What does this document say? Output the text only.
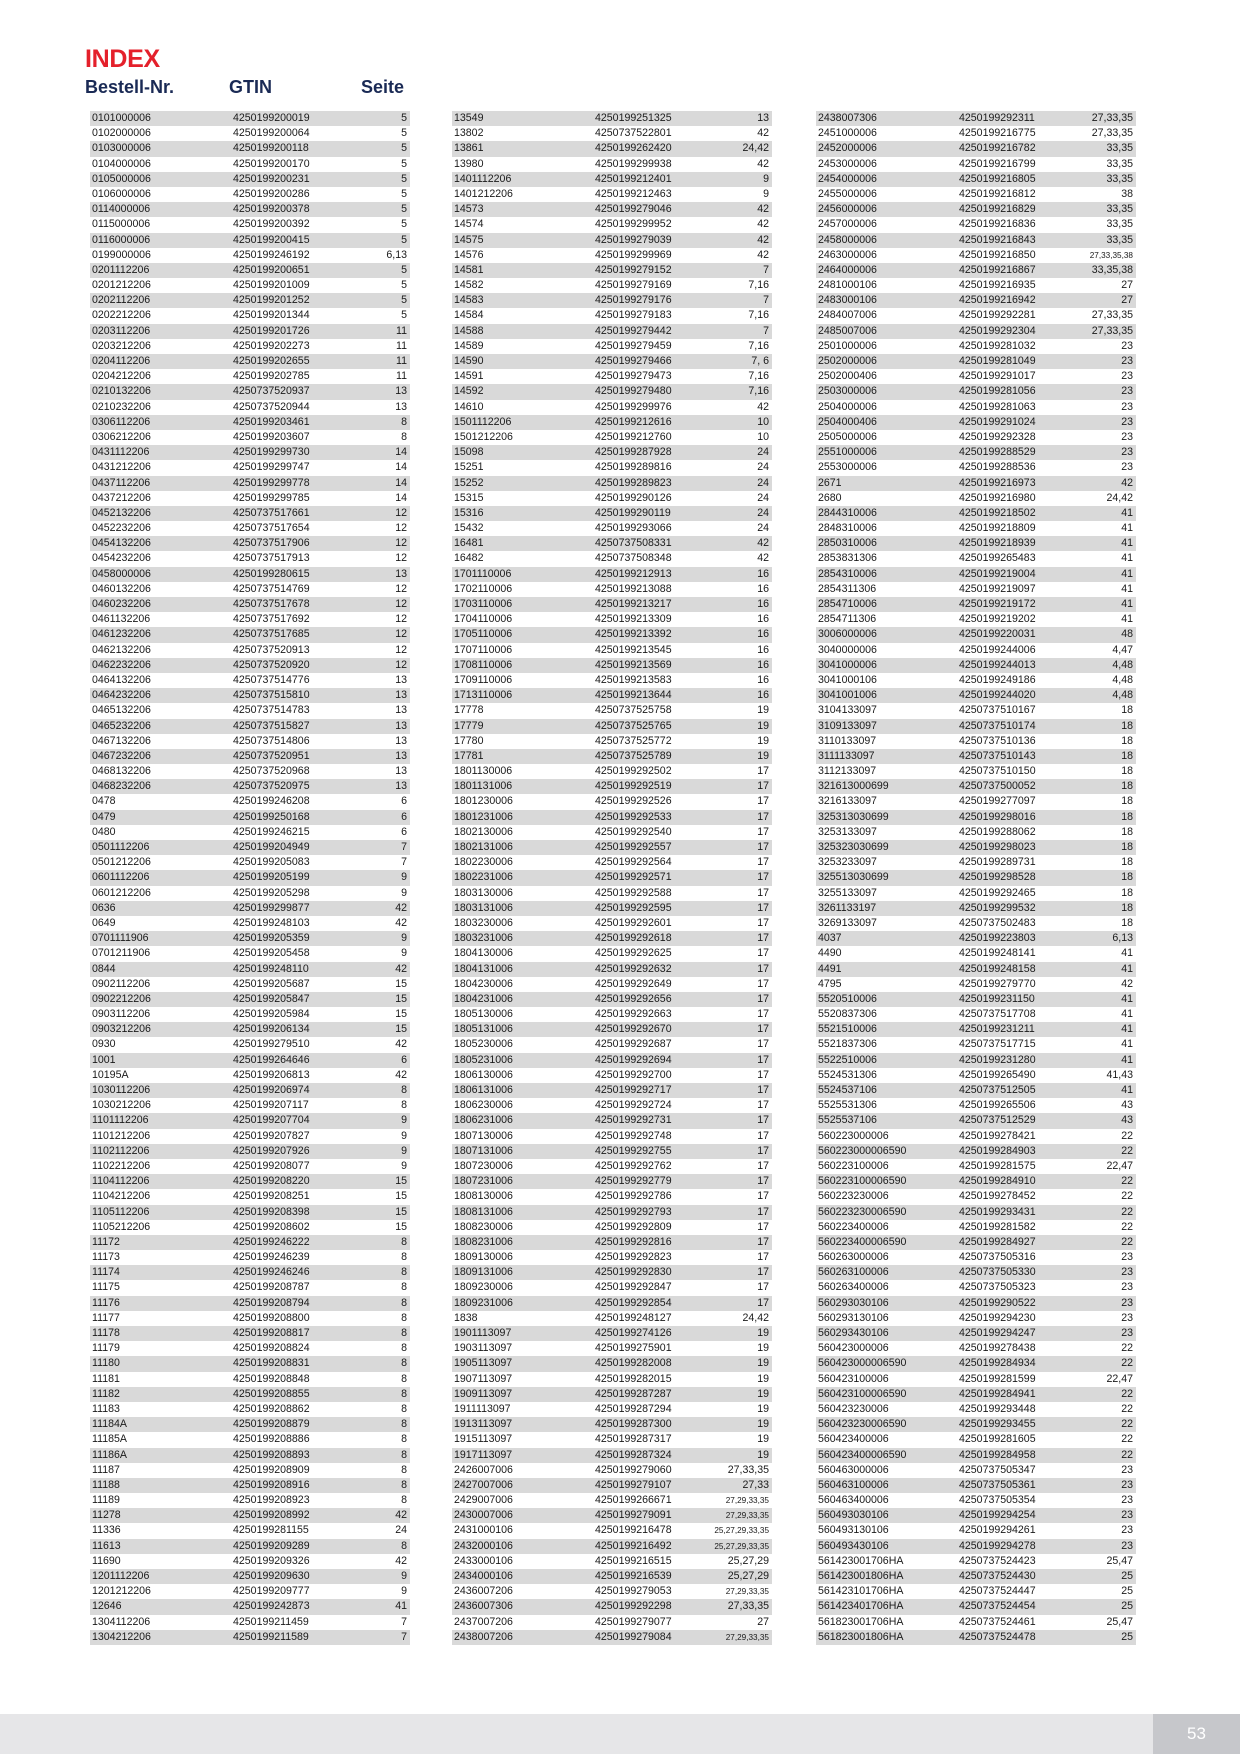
INDEX
Bestell-Nr.	GTIN	Seite
0101000006	4250199200019	5
0102000006	4250199200064	5
0103000006	4250199200118	5
0104000006	4250199200170	5
0105000006	4250199200231	5
0106000006	4250199200286	5
0114000006	4250199200378	5
0115000006	4250199200392	5
0116000006	4250199200415	5
0199000006	4250199246192	6,13
0201112206	4250199200651	5
0201212206	4250199201009	5
0202112206	4250199201252	5
0202212206	4250199201344	5
0203112206	4250199201726	11
0203212206	4250199202273	11
0204112206	4250199202655	11
0204212206	4250199202785	11
0210132206	4250737520937	13
0210232206	4250737520944	13
0306112206	4250199203461	8
0306212206	4250199203607	8
0431112206	4250199299730	14
0431212206	4250199299747	14
0437112206	4250199299778	14
0437212206	4250199299785	14
0452132206	4250737517661	12
0452232206	4250737517654	12
0454132206	4250737517906	12
0454232206	4250737517913	12
0458000006	4250199280615	13
0460132206	4250737514769	12
0460232206	4250737517678	12
0461132206	4250737517692	12
0461232206	4250737517685	12
0462132206	4250737520913	12
0462232206	4250737520920	12
0464132206	4250737514776	13
0464232206	4250737515810	13
0465132206	4250737514783	13
0465232206	4250737515827	13
0467132206	4250737514806	13
0467232206	4250737520951	13
0468132206	4250737520968	13
0468232206	4250737520975	13
0478	4250199246208	6
0479	4250199250168	6
0480	4250199246215	6
0501112206	4250199204949	7
0501212206	4250199205083	7
0601112206	4250199205199	9
0601212206	4250199205298	9
0636	4250199299877	42
0649	4250199248103	42
0701111906	4250199205359	9
0701211906	4250199205458	9
0844	4250199248110	42
0902112206	4250199205687	15
0902212206	4250199205847	15
0903112206	4250199205984	15
0903212206	4250199206134	15
0930	4250199279510	42
1001	4250199264646	6
10195A	4250199206813	42
1030112206	4250199206974	8
1030212206	4250199207117	8
1101112206	4250199207704	9
1101212206	4250199207827	9
1102112206	4250199207926	9
1102212206	4250199208077	9
1104112206	4250199208220	15
1104212206	4250199208251	15
1105112206	4250199208398	15
1105212206	4250199208602	15
11172	4250199246222	8
11173	4250199246239	8
11174	4250199246246	8
11175	4250199208787	8
11176	4250199208794	8
11177	4250199208800	8
11178	4250199208817	8
11179	4250199208824	8
11180	4250199208831	8
11181	4250199208848	8
11182	4250199208855	8
11183	4250199208862	8
11184A	4250199208879	8
11185A	4250199208886	8
11186A	4250199208893	8
11187	4250199208909	8
11188	4250199208916	8
11189	4250199208923	8
11278	4250199208992	42
11336	4250199281155	24
11613	4250199209289	8
11690	4250199209326	42
1201112206	4250199209630	9
1201212206	4250199209777	9
12646	4250199242873	41
1304112206	4250199211459	7
1304212206	4250199211589	7
13549	4250199251325	13
13802	4250737522801	42
13861	4250199262420	24,42
13980	4250199299938	42
1401112206	4250199212401	9
1401212206	4250199212463	9
14573	4250199279046	42
14574	4250199299952	42
14575	4250199279039	42
14576	4250199299969	42
14581	4250199279152	7
14582	4250199279169	7,16
14583	4250199279176	7
14584	4250199279183	7,16
14588	4250199279442	7
14589	4250199279459	7,16
14590	4250199279466	7, 6
14591	4250199279473	7,16
14592	4250199279480	7,16
14610	4250199299976	42
1501112206	4250199212616	10
1501212206	4250199212760	10
15098	4250199287928	24
15251	4250199289816	24
15252	4250199289823	24
15315	4250199290126	24
15316	4250199290119	24
15432	4250199293066	24
16481	4250737508331	42
16482	4250737508348	42
1701110006	4250199212913	16
1702110006	4250199213088	16
1703110006	4250199213217	16
1704110006	4250199213309	16
1705110006	4250199213392	16
1707110006	4250199213545	16
1708110006	4250199213569	16
1709110006	4250199213583	16
1713110006	4250199213644	16
17778	4250737525758	19
17779	4250737525765	19
17780	4250737525772	19
17781	4250737525789	19
1801130006	4250199292502	17
1801131006	4250199292519	17
1801230006	4250199292526	17
1801231006	4250199292533	17
1802130006	4250199292540	17
1802131006	4250199292557	17
1802230006	4250199292564	17
1802231006	4250199292571	17
1803130006	4250199292588	17
1803131006	4250199292595	17
1803230006	4250199292601	17
1803231006	4250199292618	17
1804130006	4250199292625	17
1804131006	4250199292632	17
1804230006	4250199292649	17
1804231006	4250199292656	17
1805130006	4250199292663	17
1805131006	4250199292670	17
1805230006	4250199292687	17
1805231006	4250199292694	17
1806130006	4250199292700	17
1806131006	4250199292717	17
1806230006	4250199292724	17
1806231006	4250199292731	17
1807130006	4250199292748	17
1807131006	4250199292755	17
1807230006	4250199292762	17
1807231006	4250199292779	17
1808130006	4250199292786	17
1808131006	4250199292793	17
1808230006	4250199292809	17
1808231006	4250199292816	17
1809130006	4250199292823	17
1809131006	4250199292830	17
1809230006	4250199292847	17
1809231006	4250199292854	17
1838	4250199248127	24,42
1901113097	4250199274126	19
1903113097	4250199275901	19
1905113097	4250199282008	19
1907113097	4250199282015	19
1909113097	4250199287287	19
1911113097	4250199287294	19
1913113097	4250199287300	19
1915113097	4250199287317	19
1917113097	4250199287324	19
2426007006	4250199279060	27,33,35
2427007006	4250199279107	27,33
2429007006	4250199266671	27,29,33,35
2430007006	4250199279091	27,29,33,35
2431000106	4250199216478	25,27,29,33,35
2432000106	4250199216492	25,27,29,33,35
2433000106	4250199216515	25,27,29
2434000106	4250199216539	25,27,29
2436007206	4250199279053	27,29,33,35
2436007306	4250199292298	27,33,35
2437007206	4250199279077	27
2438007206	4250199279084	27,29,33,35
2438007306	4250199292311	27,33,35
2451000006	4250199216775	27,33,35
2452000006	4250199216782	33,35
2453000006	4250199216799	33,35
2454000006	4250199216805	33,35
2455000006	4250199216812	38
2456000006	4250199216829	33,35
2457000006	4250199216836	33,35
2458000006	4250199216843	33,35
2463000006	4250199216850	27,33,35,38
2464000006	4250199216867	33,35,38
2481000106	4250199216935	27
2483000106	4250199216942	27
2484007006	4250199292281	27,33,35
2485007006	4250199292304	27,33,35
2501000006	4250199281032	23
2502000006	4250199281049	23
2502000406	4250199291017	23
2503000006	4250199281056	23
2504000006	4250199281063	23
2504000406	4250199291024	23
2505000006	4250199292328	23
2551000006	4250199288529	23
2553000006	4250199288536	23
2671	4250199216973	42
2680	4250199216980	24,42
2844310006	4250199218502	41
2848310006	4250199218809	41
2850310006	4250199218939	41
2853831306	4250199265483	41
2854310006	4250199219004	41
2854311306	4250199219097	41
2854710006	4250199219172	41
2854711306	4250199219202	41
3006000006	4250199220031	48
3040000006	4250199244006	4,47
3041000006	4250199244013	4,48
3041000106	4250199249186	4,48
3041001006	4250199244020	4,48
3104133097	4250737510167	18
3109133097	4250737510174	18
3110133097	4250737510136	18
3111133097	4250737510143	18
3112133097	4250737510150	18
321613000699	4250737500052	18
3216133097	4250199277097	18
325313030699	4250199298016	18
3253133097	4250199288062	18
325323030699	4250199298023	18
3253233097	4250199289731	18
325513030699	4250199298528	18
3255133097	4250199292465	18
3261133197	4250199299532	18
3269133097	4250737502483	18
4037	4250199223803	6,13
4490	4250199248141	41
4491	4250199248158	41
4795	4250199279770	42
5520510006	4250199231150	41
5520837306	4250737517708	41
5521510006	4250199231211	41
5521837306	4250737517715	41
5522510006	4250199231280	41
5524531306	4250199265490	41,43
5524537106	4250737512505	41
5525531306	4250199265506	43
5525537106	4250737512529	43
560223000006	4250199278421	22
560223000006590	4250199284903	22
560223100006	4250199281575	22,47
560223100006590	4250199284910	22
560223230006	4250199278452	22
560223230006590	4250199293431	22
560223400006	4250199281582	22
560223400006590	4250199284927	22
560263000006	4250737505316	23
560263100006	4250737505330	23
560263400006	4250737505323	23
560293030106	4250199290522	23
560293130106	4250199294230	23
560293430106	4250199294247	23
560423000006	4250199278438	22
560423000006590	4250199284934	22
560423100006	4250199281599	22,47
560423100006590	4250199284941	22
560423230006	4250199293448	22
560423230006590	4250199293455	22
560423400006	4250199281605	22
560423400006590	4250199284958	22
560463000006	4250737505347	23
560463100006	4250737505361	23
560463400006	4250737505354	23
560493030106	4250199294254	23
560493130106	4250199294261	23
560493430106	4250199294278	23
561423001706HA	4250737524423	25,47
561423001806HA	4250737524430	25
561423101706HA	4250737524447	25
561423401706HA	4250737524454	25
561823001706HA	4250737524461	25,47
561823001806HA	4250737524478	25
53
